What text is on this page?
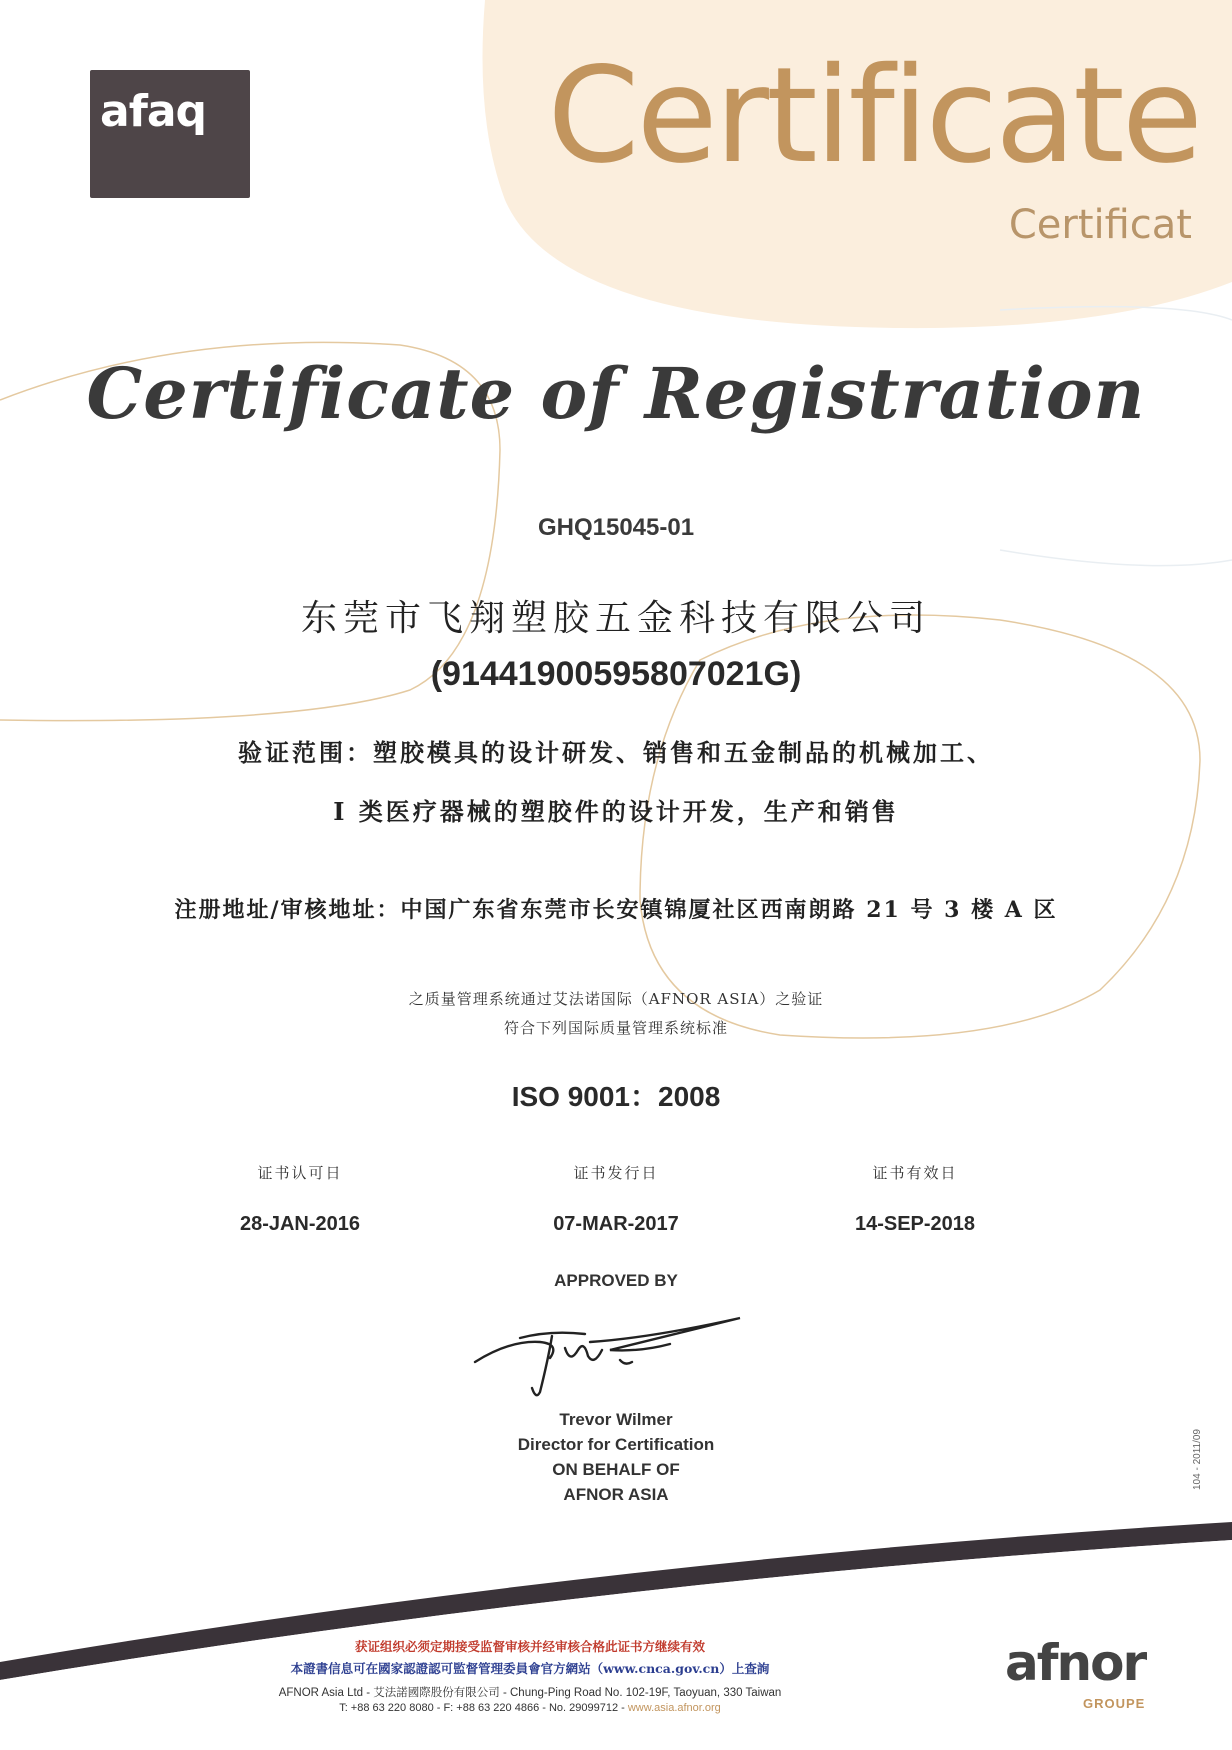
afaq	Certificate
Certificat
Certificate of Registration
GHQ15045-01
东莞市飞翔塑胶五金科技有限公司
(91441900595807021G)
验证范围：塑胶模具的设计研发、销售和五金制品的机械加工、
I 类医疗器械的塑胶件的设计开发，生产和销售
注册地址/审核地址：中国广东省东莞市长安镇锦厦社区西南朗路 21 号 3 楼 A 区
之质量管理系统通过艾法诺国际（AFNOR ASIA）之验证
符合下列国际质量管理系统标准
ISO 9001：2008
证书认可日
28-JAN-2016
证书发行日
07-MAR-2017
证书有效日
14-SEP-2018
APPROVED BY
Trevor Wilmer
Director for Certification
ON BEHALF OF
AFNOR ASIA
104 - 2011/09
获证组织必须定期接受监督审核并经审核合格此证书方继续有效
本證書信息可在國家認證認可監督管理委員會官方網站（www.cnca.gov.cn）上查詢
AFNOR Asia Ltd - 艾法諾國際股份有限公司 - Chung-Ping Road No. 102-19F, Taoyuan, 330 Taiwan
T: +88 63 220 8080 - F: +88 63 220 4866 - No. 29099712 - www.asia.afnor.org
afnor
GROUPE
